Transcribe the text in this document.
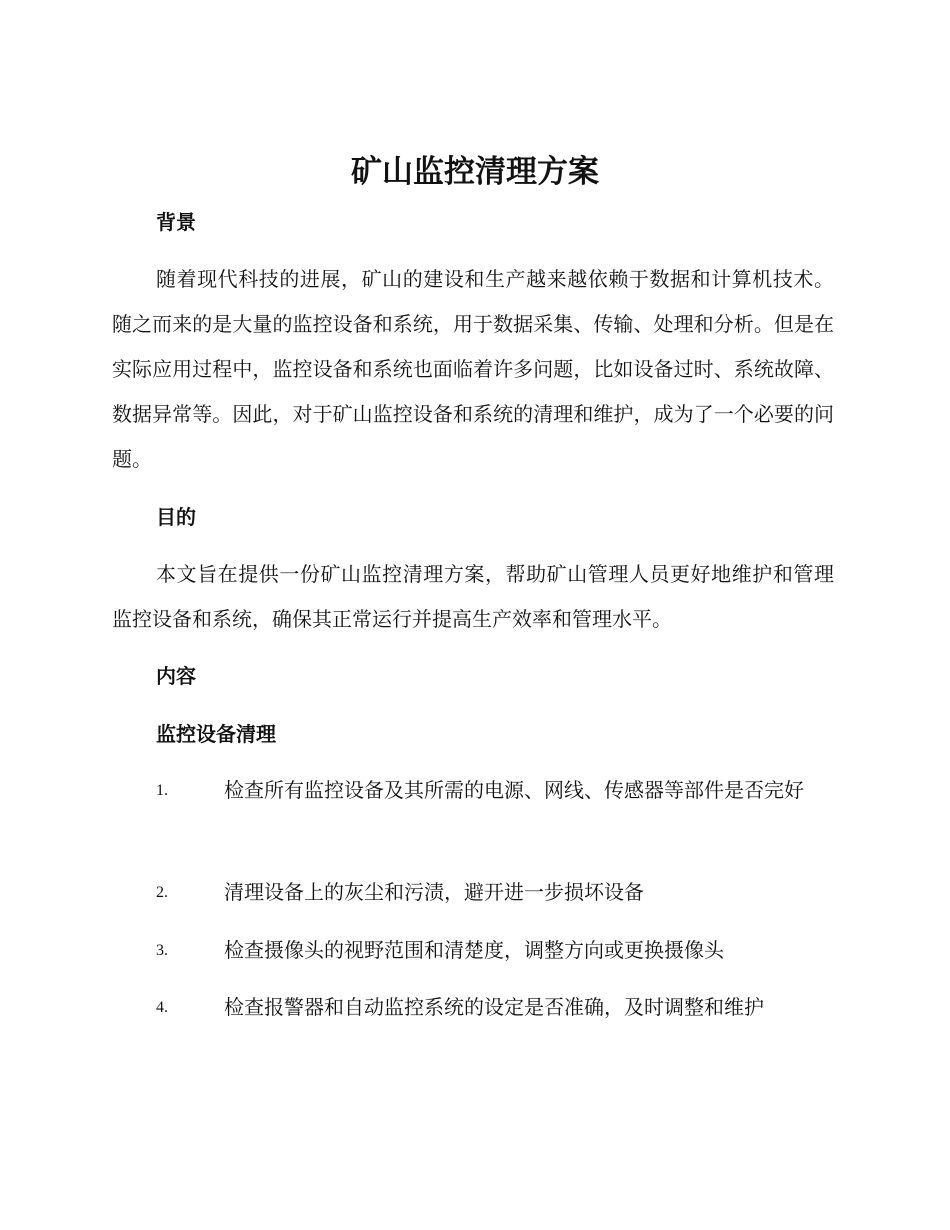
矿山监控清理方案
背景

随着现代科技的进展，矿山的建设和生产越来越依赖于数据和计算机技术。随之而来的是大量的监控设备和系统，用于数据采集、传输、处理和分析。但是在实际应用过程中，监控设备和系统也面临着许多问题，比如设备过时、系统故障、数据异常等。因此，对于矿山监控设备和系统的清理和维护，成为了一个必要的问题。

目的

本文旨在提供一份矿山监控清理方案，帮助矿山管理人员更好地维护和管理监控设备和系统，确保其正常运行并提高生产效率和管理水平。

内容
监控设备清理
1.	检查所有监控设备及其所需的电源、网线、传感器等部件是否完好
2.	清理设备上的灰尘和污渍，避开进一步损坏设备
3.	检查摄像头的视野范围和清楚度，调整方向或更换摄像头
4.	检查报警器和自动监控系统的设定是否准确，及时调整和维护
